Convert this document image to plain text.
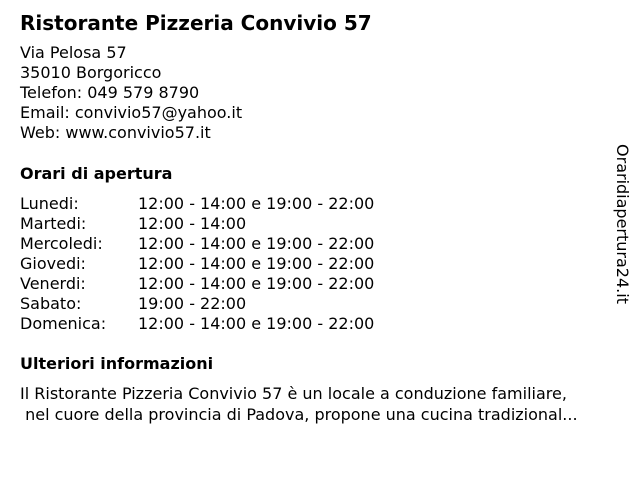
Ristorante Pizzeria Convivio 57
Via Pelosa 57
35010 Borgoricco
Telefon: 049 579 8790
Email: convivio57@yahoo.it
Web: www.convivio57.it
Orari di apertura
Lunedi:	12:00 - 14:00 e 19:00 - 22:00
Martedi:	12:00 - 14:00
Mercoledi: 12:00 - 14:00 e 19:00 - 22:00
Giovedi:	12:00 - 14:00 e 19:00 - 22:00
Venerdi:	12:00 - 14:00 e 19:00 - 22:00
Sabato:	19:00 - 22:00
Domenica: 12:00 - 14:00 e 19:00 - 22:00
Ulteriori informazioni
Il Ristorante Pizzeria Convivio 57 è un locale a conduzione familiare,
nel cuore della provincia di Padova, propone una cucina tradizional...
Oraridiapertura24.it
